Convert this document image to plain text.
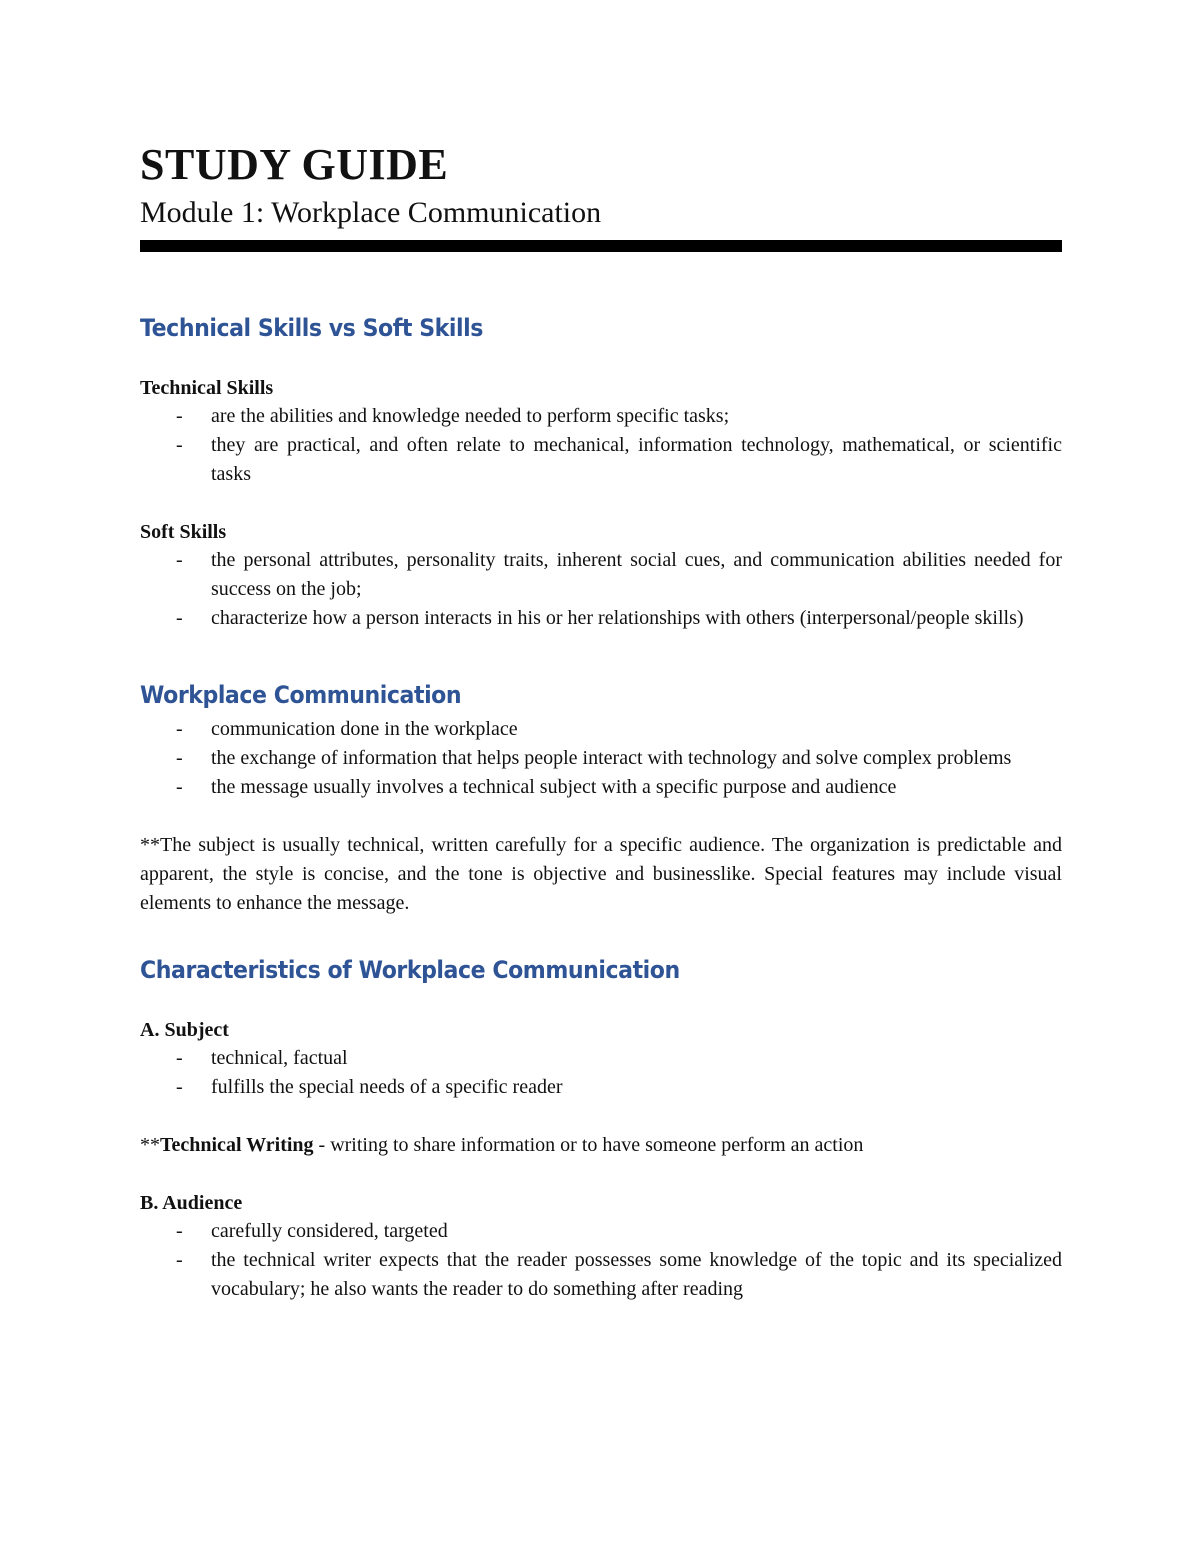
STUDY GUIDE

Module 1: Workplace Communication

Technical Skills vs Soft Skills

Technical Skills

- are the abilities and knowledge needed to perform specific tasks;
- they are practical, and often relate to mechanical, information technology, mathematical, or scientific tasks

Soft Skills

- the personal attributes, personality traits, inherent social cues, and communication abilities needed for success on the job;
- characterize how a person interacts in his or her relationships with others (interpersonal/people skills)
Workplace Communication
- communication done in the workplace
- the exchange of information that helps people interact with technology and solve complex problems
- the message usually involves a technical subject with a specific purpose and audience

**The subject is usually technical, written carefully for a specific audience. The organization is predictable and apparent, the style is concise, and the tone is objective and businesslike. Special features may include visual elements to enhance the message.

Characteristics of Workplace Communication

A. Subject

- technical, factual
- fulfills the special needs of a specific reader

**Technical Writing - writing to share information or to have someone perform an action

B. Audience

- carefully considered, targeted
- the technical writer expects that the reader possesses some knowledge of the topic and its specialized vocabulary; he also wants the reader to do something after reading
